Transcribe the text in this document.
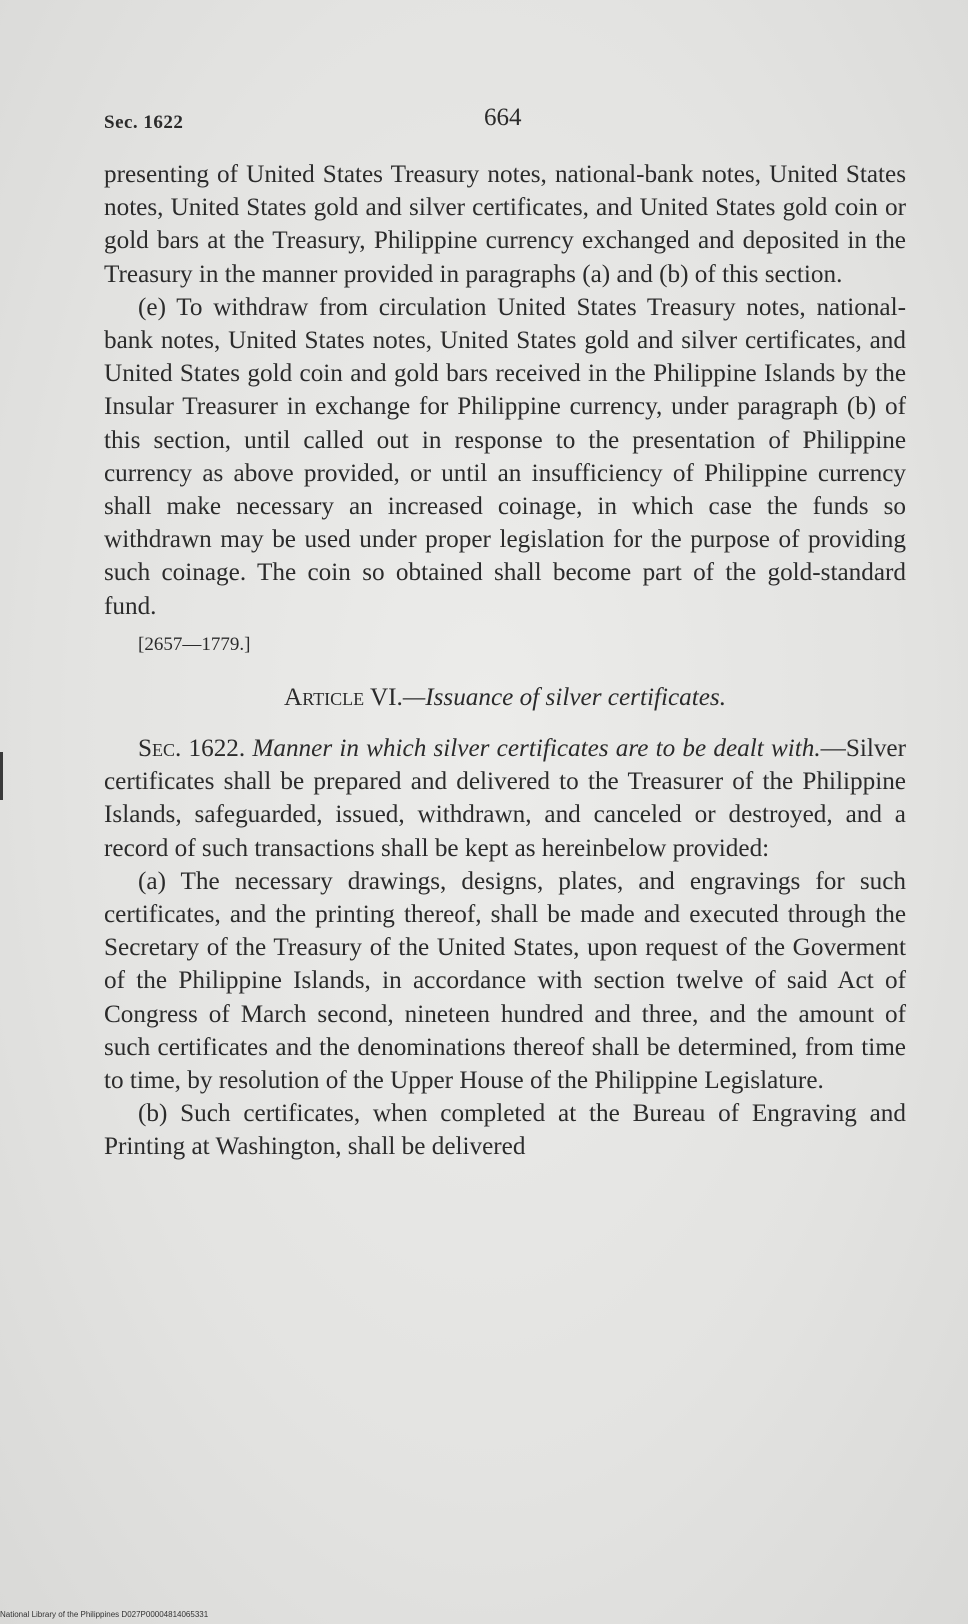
Sec. 1622	664

presenting of United States Treasury notes, national-bank notes, United States notes, United States gold and silver certificates, and United States gold coin or gold bars at the Treasury, Philippine currency exchanged and deposited in the Treasury in the manner provided in paragraphs (a) and (b) of this section.

(e) To withdraw from circulation United States Treasury notes, national-bank notes, United States notes, United States gold and silver certificates, and United States gold coin and gold bars received in the Philippine Islands by the Insular Treasurer in exchange for Philippine currency, under paragraph (b) of this section, until called out in response to the presentation of Philippine currency as above provided, or until an insufficiency of Philippine currency shall make necessary an increased coinage, in which case the funds so withdrawn may be used under proper legislation for the purpose of providing such coinage. The coin so obtained shall become part of the gold-standard fund.

[2657—1779.]

Article VI.—Issuance of silver certificates.

Sec. 1622. Manner in which silver certificates are to be dealt with.—Silver certificates shall be prepared and delivered to the Treasurer of the Philippine Islands, safeguarded, issued, withdrawn, and canceled or destroyed, and a record of such transactions shall be kept as hereinbelow provided:

(a) The necessary drawings, designs, plates, and engravings for such certificates, and the printing thereof, shall be made and executed through the Secretary of the Treasury of the United States, upon request of the Goverment of the Philippine Islands, in accordance with section twelve of said Act of Congress of March second, nineteen hundred and three, and the amount of such certificates and the denominations thereof shall be determined, from time to time, by resolution of the Upper House of the Philippine Legislature.

(b) Such certificates, when completed at the Bureau of Engraving and Printing at Washington, shall be delivered

National Library of the Philippines D027P00004814065331
